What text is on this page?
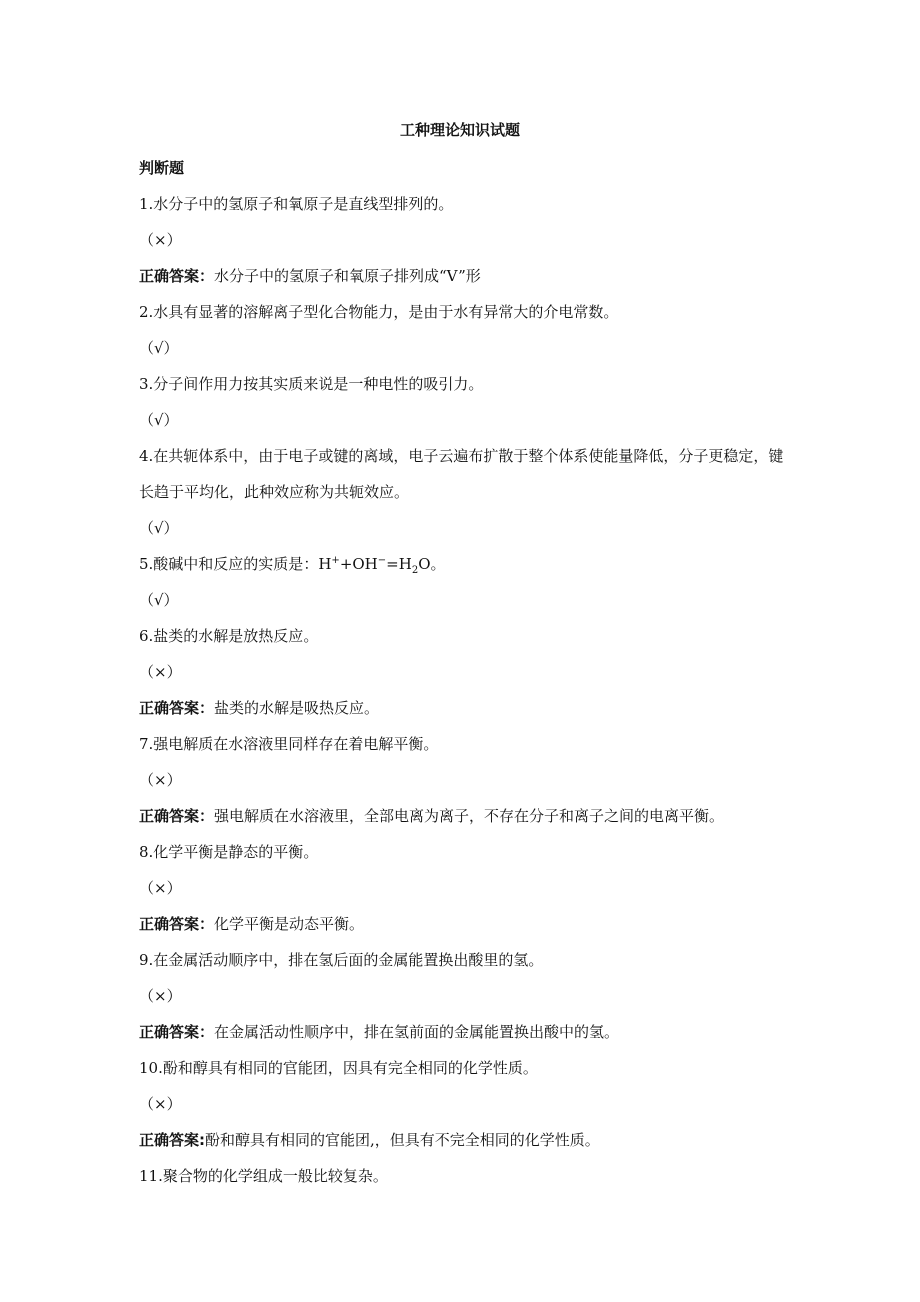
工种理论知识试题
判断题
1.水分子中的氢原子和氧原子是直线型排列的。
（×）
正确答案：水分子中的氢原子和氧原子排列成“V”形
2.水具有显著的溶解离子型化合物能力，是由于水有异常大的介电常数。
（√）
3.分子间作用力按其实质来说是一种电性的吸引力。
（√）
4.在共轭体系中，由于电子或键的离域，电子云遍布扩散于整个体系使能量降低，分子更稳定，键长趋于平均化，此种效应称为共轭效应。
（√）
5.酸碱中和反应的实质是：$H^++OH^-=H_2O$。
（√）
6.盐类的水解是放热反应。
（×）
正确答案：盐类的水解是吸热反应。
7.强电解质在水溶液里同样存在着电解平衡。
（×）
正确答案：强电解质在水溶液里，全部电离为离子，不存在分子和离子之间的电离平衡。
8.化学平衡是静态的平衡。
（×）
正确答案：化学平衡是动态平衡。
9.在金属活动顺序中，排在氢后面的金属能置换出酸里的氢。
（×）
正确答案：在金属活动性顺序中，排在氢前面的金属能置换出酸中的氢。
10.酚和醇具有相同的官能团，因具有完全相同的化学性质。
（×）
正确答案:酚和醇具有相同的官能团,，但具有不完全相同的化学性质。
11.聚合物的化学组成一般比较复杂。
